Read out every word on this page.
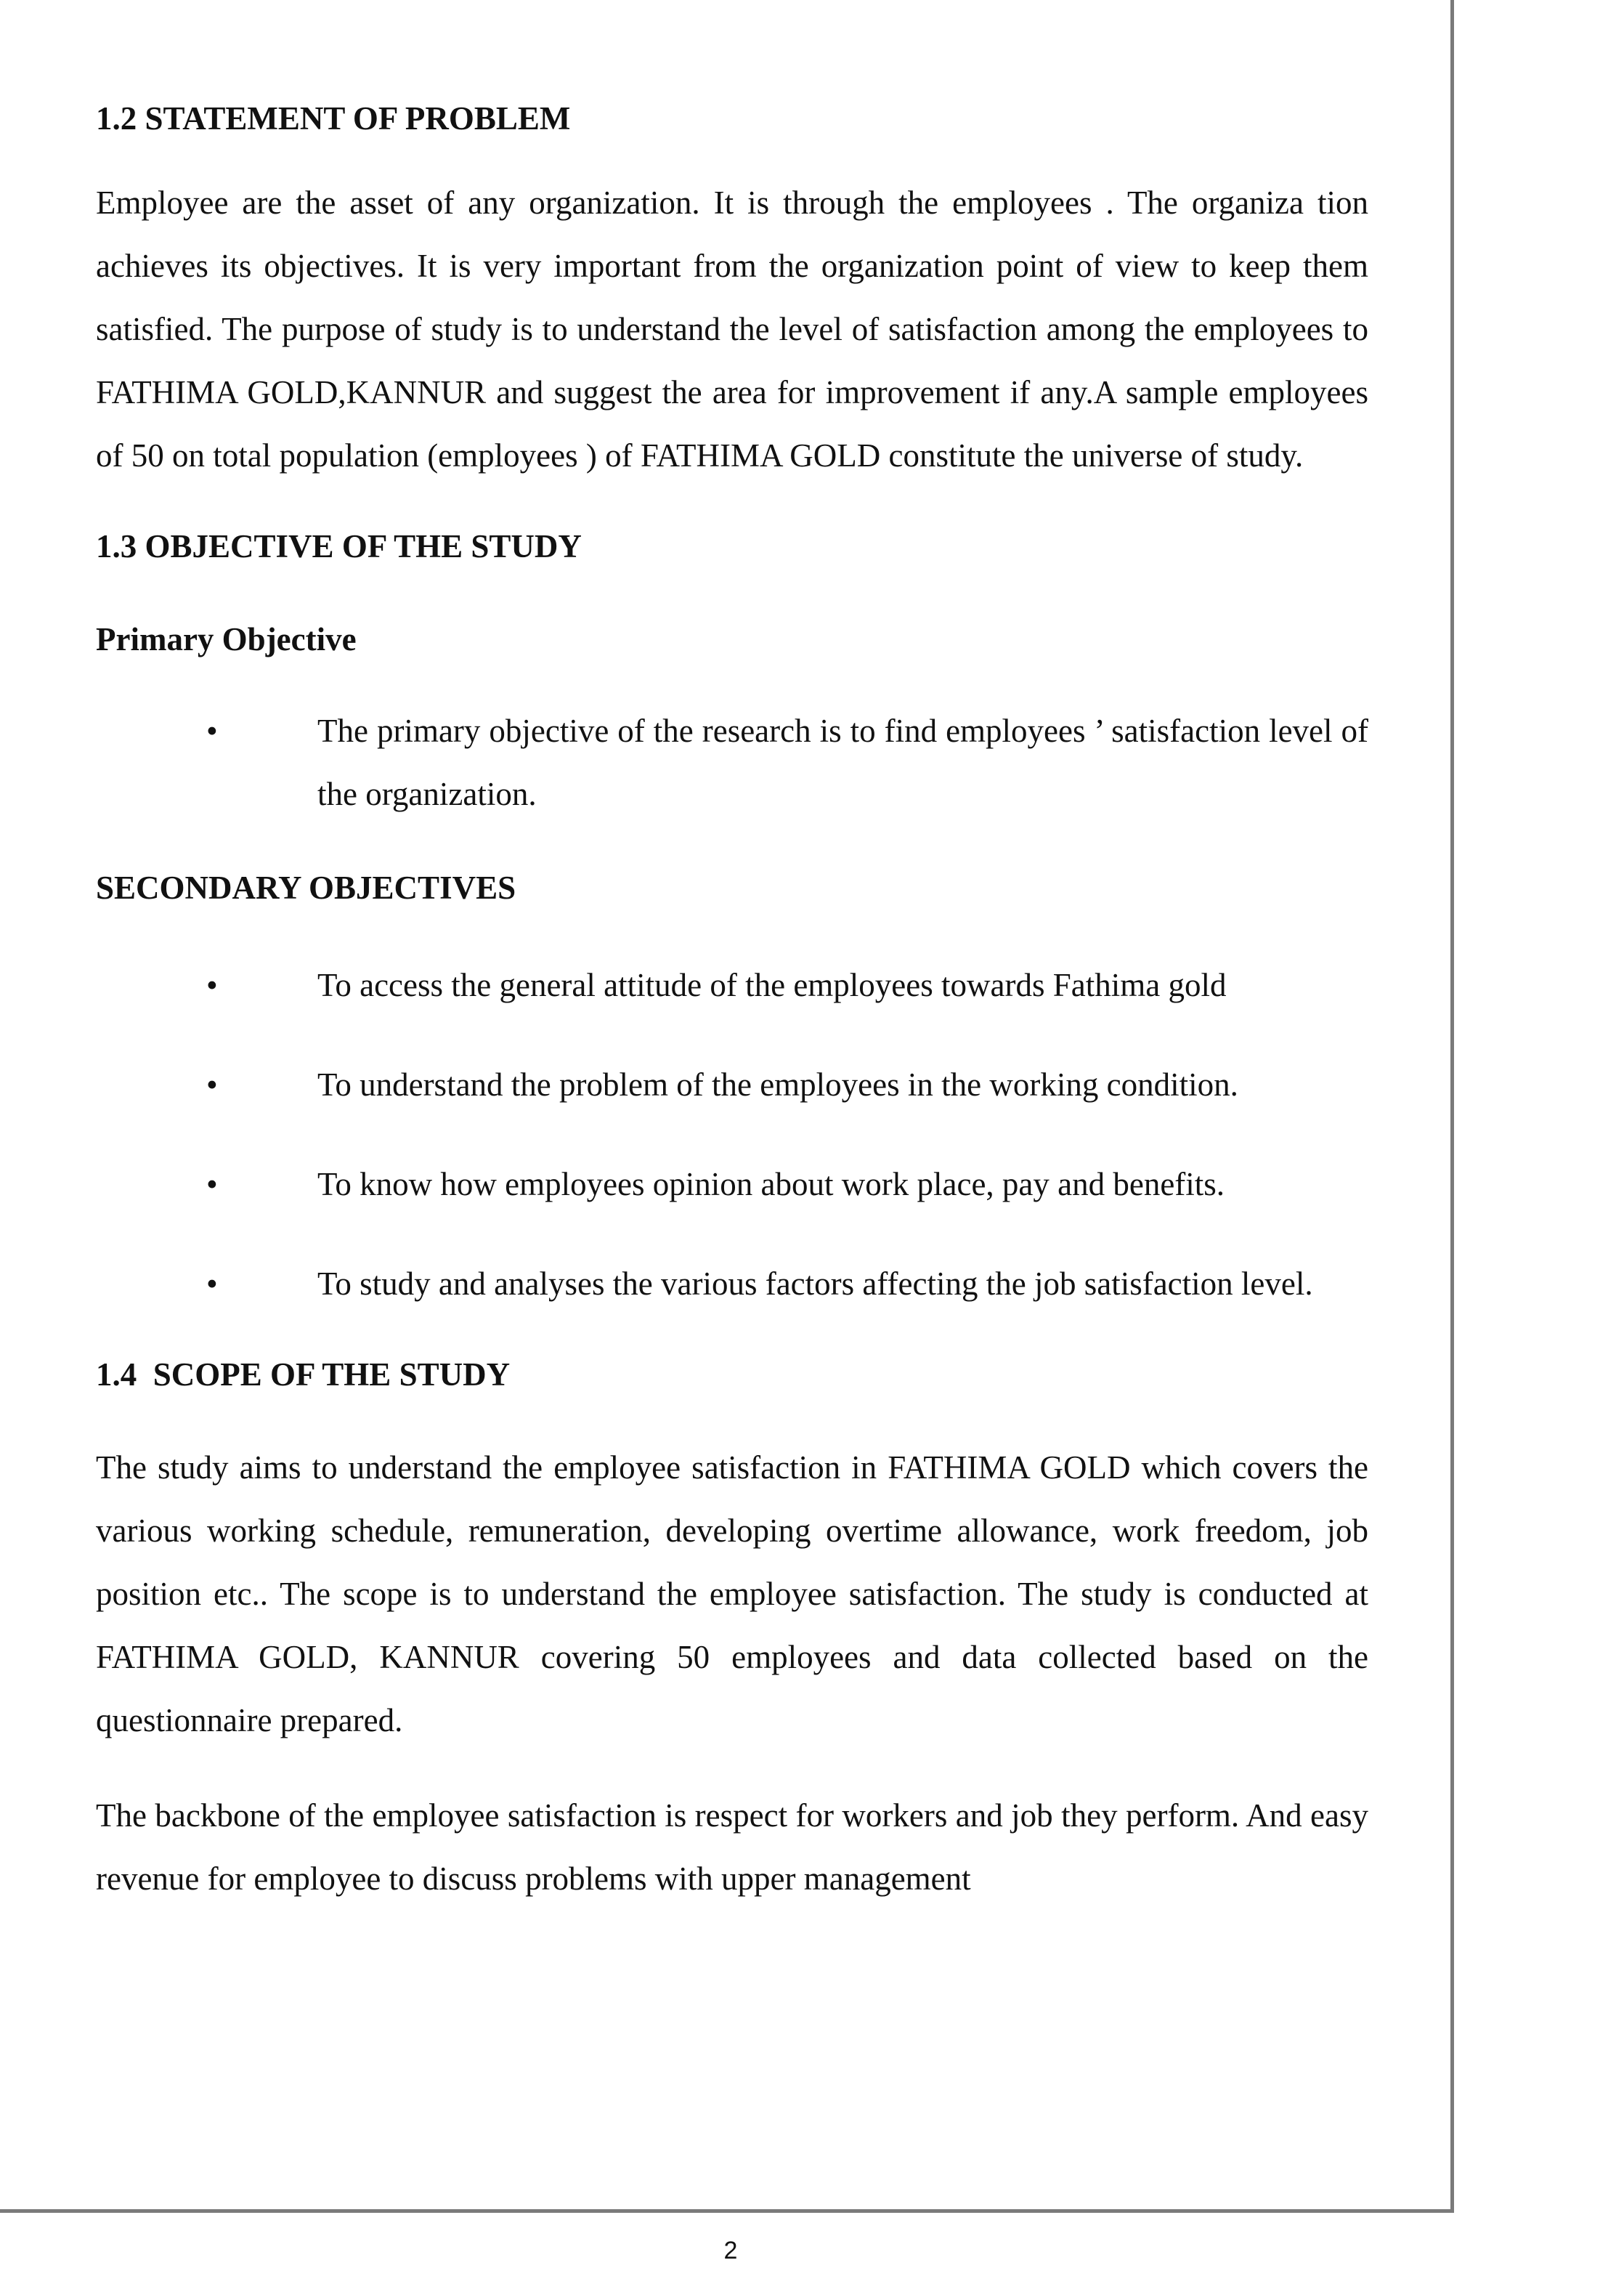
1.2 STATEMENT OF PROBLEM

Employee are the asset of any organization. It is through the employees . The organiza tion achieves its objectives. It is very important from the organization point of view to keep them satisfied. The purpose of study is to understand the level of satisfaction among the employees to FATHIMA GOLD,KANNUR and suggest the area for improvement if any.A sample employees of 50 on total population (employees ) of FATHIMA GOLD constitute the universe of study.

1.3 OBJECTIVE OF THE STUDY
Primary Objective
•	The primary objective of the research is to find employees ’ satisfaction level of the organization.
SECONDARY OBJECTIVES
•	To access the general attitude of the employees towards Fathima gold
•	To understand the problem of the employees in the working condition.
•	To know how employees opinion about work place, pay and benefits.
•	To study and analyses the various factors affecting the job satisfaction level.
1.4  SCOPE OF THE STUDY

The study aims to understand the employee satisfaction in FATHIMA GOLD which covers the various working schedule, remuneration, developing overtime allowance, work freedom, job position etc.. The scope is to understand the employee satisfaction. The study is conducted at FATHIMA GOLD, KANNUR covering 50 employees and data collected based on the questionnaire prepared.

The backbone of the employee satisfaction is respect for workers and job they perform. And easy revenue for employee to discuss problems with upper management

2
